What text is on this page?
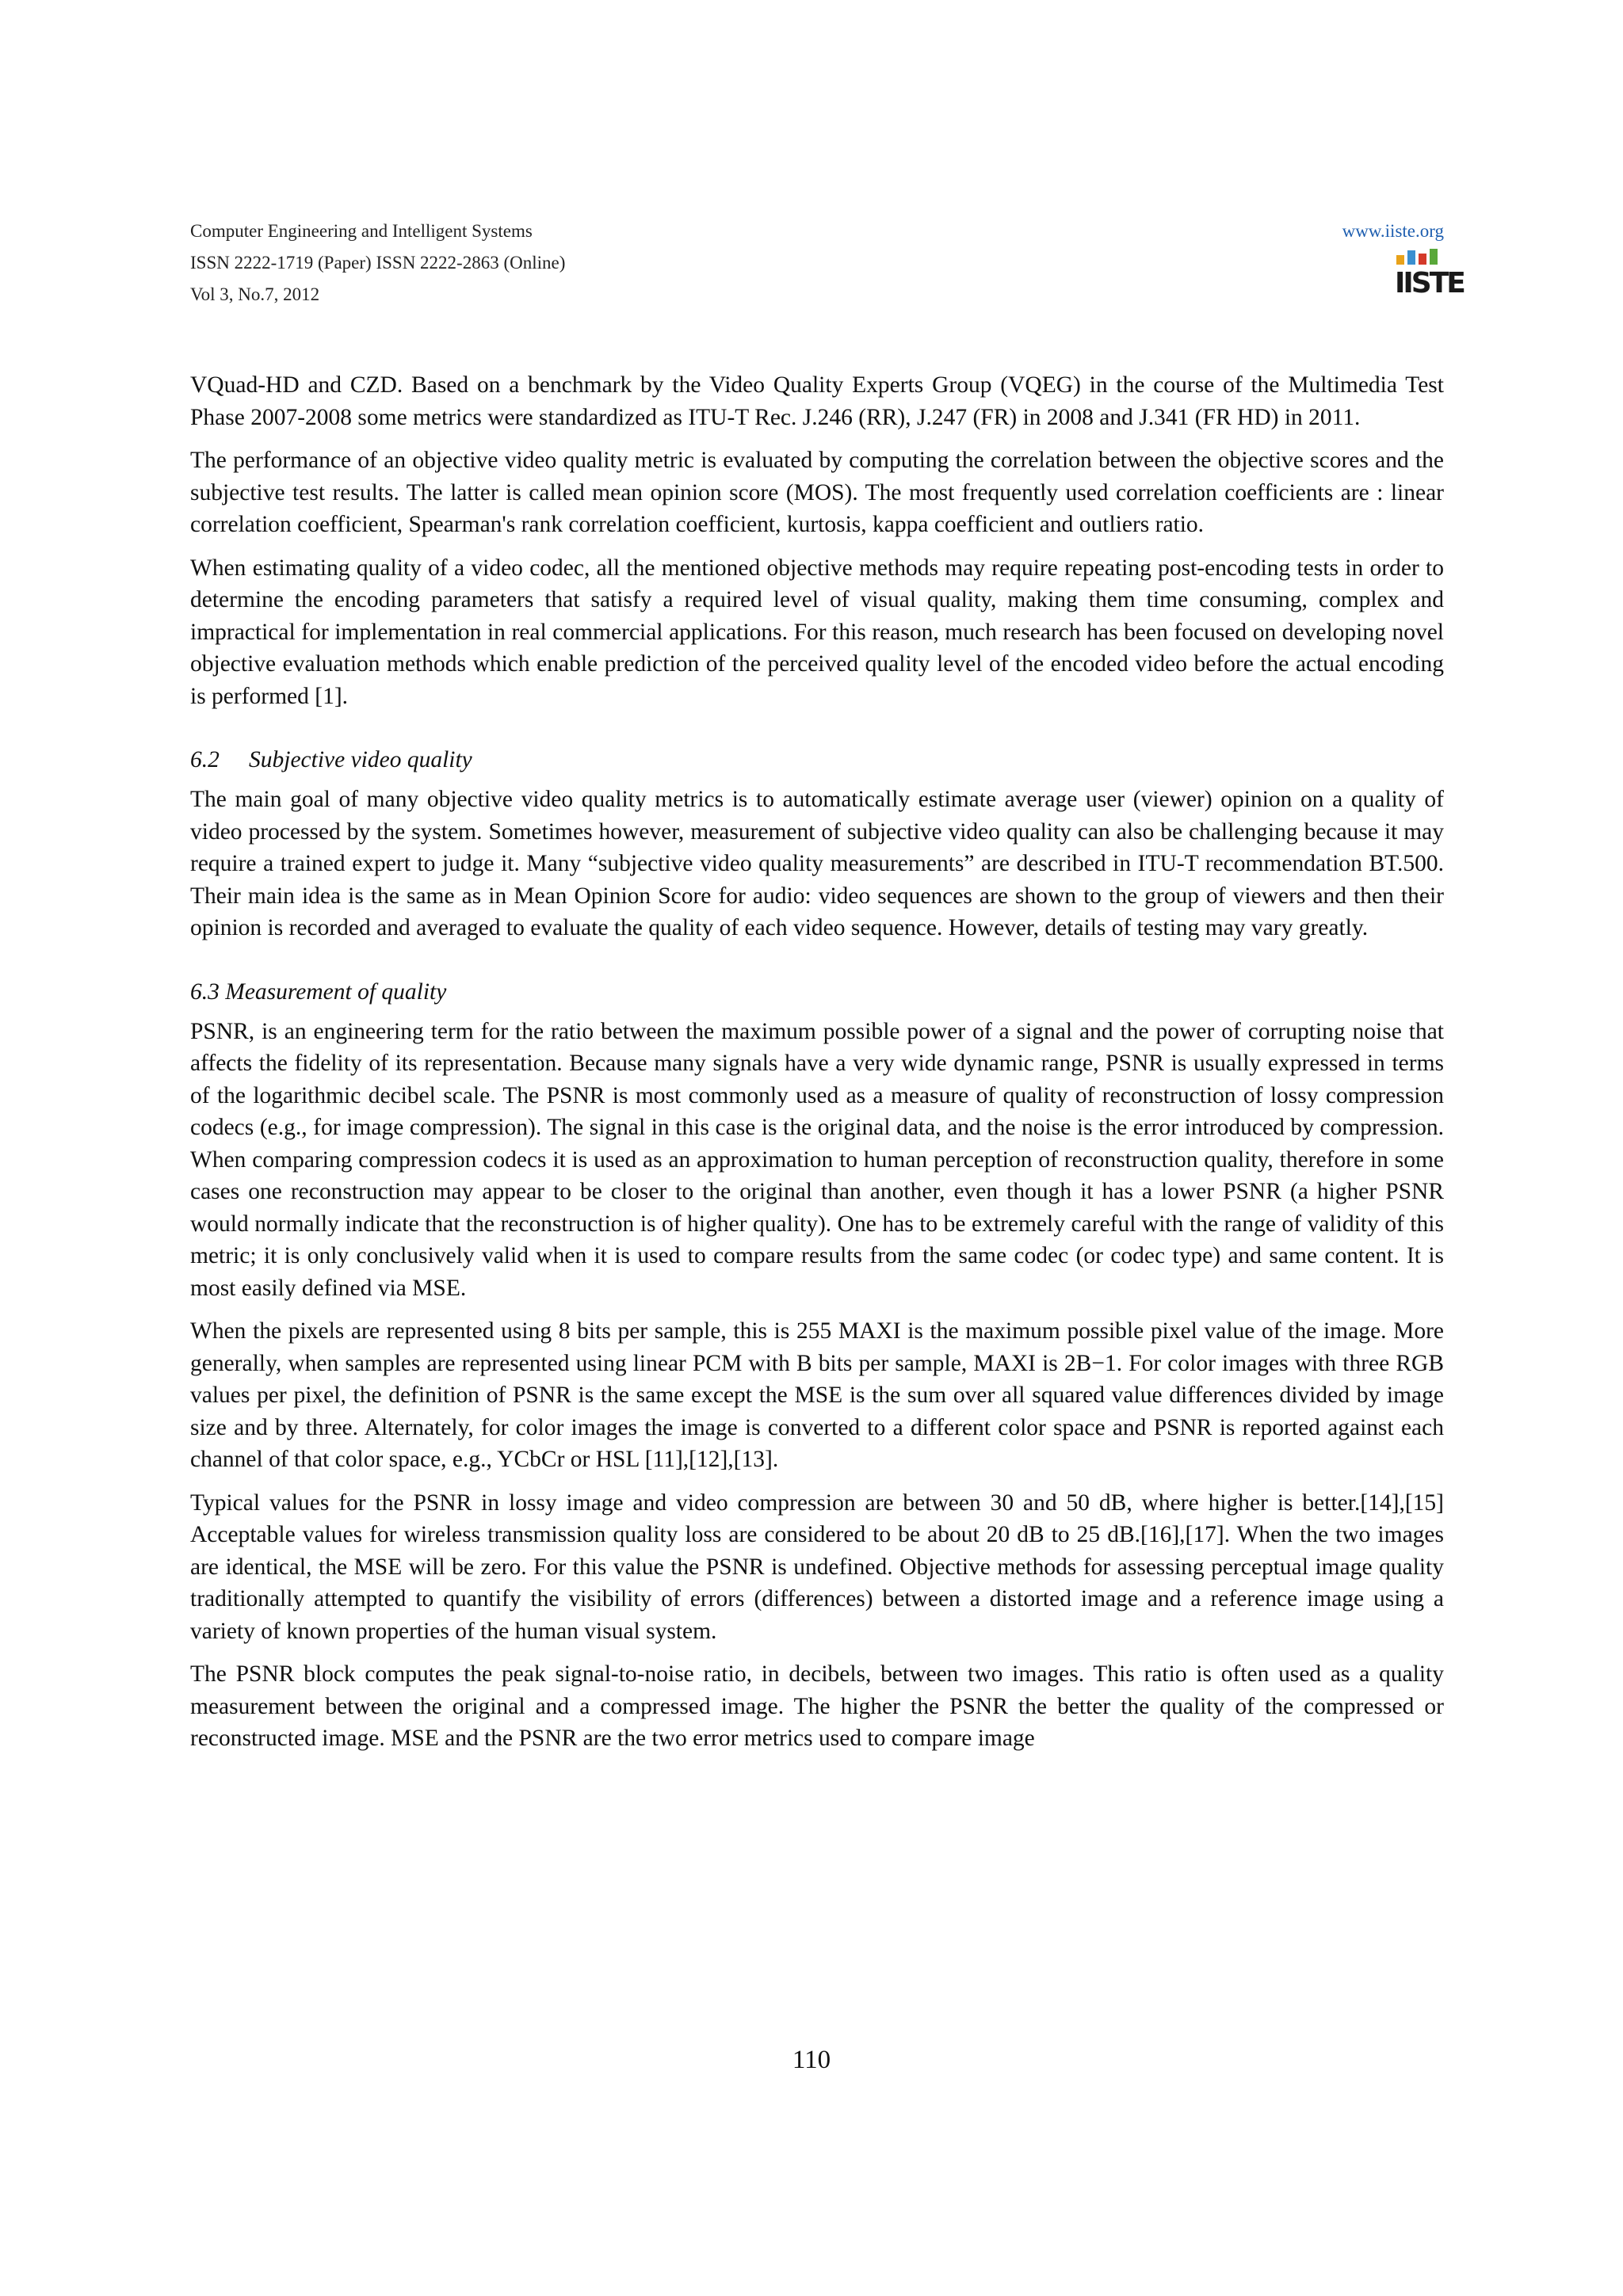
Computer Engineering and Intelligent Systems
ISSN 2222-1719 (Paper) ISSN 2222-2863 (Online)
Vol 3, No.7, 2012
www.iiste.org
IISTE

VQuad-HD and CZD. Based on a benchmark by the Video Quality Experts Group (VQEG) in the course of the Multimedia Test Phase 2007-2008 some metrics were standardized as ITU-T Rec. J.246 (RR), J.247 (FR) in 2008 and J.341 (FR HD) in 2011.

The performance of an objective video quality metric is evaluated by computing the correlation between the objective scores and the subjective test results. The latter is called mean opinion score (MOS). The most frequently used correlation coefficients are : linear correlation coefficient, Spearman's rank correlation coefficient, kurtosis, kappa coefficient and outliers ratio.

When estimating quality of a video codec, all the mentioned objective methods may require repeating post-encoding tests in order to determine the encoding parameters that satisfy a required level of visual quality, making them time consuming, complex and impractical for implementation in real commercial applications. For this reason, much research has been focused on developing novel objective evaluation methods which enable prediction of the perceived quality level of the encoded video before the actual encoding is performed [1].

6.2 Subjective video quality

The main goal of many objective video quality metrics is to automatically estimate average user (viewer) opinion on a quality of video processed by the system. Sometimes however, measurement of subjective video quality can also be challenging because it may require a trained expert to judge it. Many “subjective video quality measurements” are described in ITU-T recommendation BT.500. Their main idea is the same as in Mean Opinion Score for audio: video sequences are shown to the group of viewers and then their opinion is recorded and averaged to evaluate the quality of each video sequence. However, details of testing may vary greatly.

6.3 Measurement of quality

PSNR, is an engineering term for the ratio between the maximum possible power of a signal and the power of corrupting noise that affects the fidelity of its representation. Because many signals have a very wide dynamic range, PSNR is usually expressed in terms of the logarithmic decibel scale. The PSNR is most commonly used as a measure of quality of reconstruction of lossy compression codecs (e.g., for image compression). The signal in this case is the original data, and the noise is the error introduced by compression. When comparing compression codecs it is used as an approximation to human perception of reconstruction quality, therefore in some cases one reconstruction may appear to be closer to the original than another, even though it has a lower PSNR (a higher PSNR would normally indicate that the reconstruction is of higher quality). One has to be extremely careful with the range of validity of this metric; it is only conclusively valid when it is used to compare results from the same codec (or codec type) and same content. It is most easily defined via MSE.

When the pixels are represented using 8 bits per sample, this is 255 MAXI is the maximum possible pixel value of the image. More generally, when samples are represented using linear PCM with B bits per sample, MAXI is 2B−1. For color images with three RGB values per pixel, the definition of PSNR is the same except the MSE is the sum over all squared value differences divided by image size and by three. Alternately, for color images the image is converted to a different color space and PSNR is reported against each channel of that color space, e.g., YCbCr or HSL [11],[12],[13].

Typical values for the PSNR in lossy image and video compression are between 30 and 50 dB, where higher is better.[14],[15] Acceptable values for wireless transmission quality loss are considered to be about 20 dB to 25 dB.[16],[17]. When the two images are identical, the MSE will be zero. For this value the PSNR is undefined. Objective methods for assessing perceptual image quality traditionally attempted to quantify the visibility of errors (differences) between a distorted image and a reference image using a variety of known properties of the human visual system.

The PSNR block computes the peak signal-to-noise ratio, in decibels, between two images. This ratio is often used as a quality measurement between the original and a compressed image. The higher the PSNR the better the quality of the compressed or reconstructed image. MSE and the PSNR are the two error metrics used to compare image

110
